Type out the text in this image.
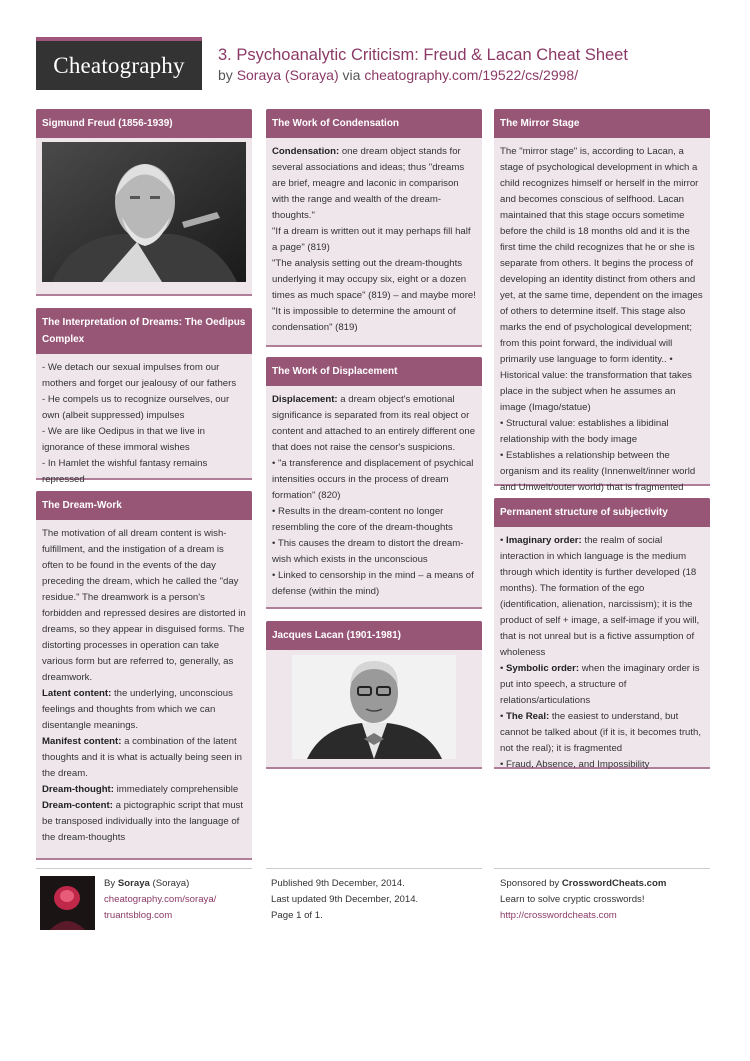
Cheatography 3. Psychoanalytic Criticism: Freud & Lacan Cheat Sheet
by Soraya (Soraya) via cheatography.com/19522/cs/2998/
Sigmund Freud (1856-1939)
The Interpretation of Dreams: The Oedipus Complex

- We detach our sexual impulses from our mothers and forget our jealousy of our fathers

- He compels us to recognize ourselves, our own (albeit suppressed) impulses

- We are like Oedipus in that we live in ignorance of these immoral wishes

- In Hamlet the wishful fantasy remains repressed

The Dream-Work

The motivation of all dream content is wish-fulfillment, and the instigation of a dream is often to be found in the events of the day preceding the dream, which he called the "day residue." The dreamwork is a person's forbidden and repressed desires are distorted in dreams, so they appear in disguised forms. The distorting processes in operation can take various form but are referred to, generally, as dreamwork.

Latent content: the underlying, unconscious feelings and thoughts from which we can disentangle meanings.

Manifest content: a combination of the latent thoughts and it is what is actually being seen in the dream.

Dream-thought: immediately comprehensible

Dream-content: a pictographic script that must be transposed individually into the language of the dream-thoughts

The Work of Condensation

Condensation: one dream object stands for several associations and ideas; thus "dreams are brief, meagre and laconic in comparison with the range and wealth of the dream-thoughts."

"If a dream is written out it may perhaps fill half a page" (819)

"The analysis setting out the dream-thoughts underlying it may occupy six, eight or a dozen times as much space" (819) – and maybe more!

"It is impossible to determine the amount of condensation" (819)

The Work of Displacement

Displacement: a dream object's emotional significance is separated from its real object or content and attached to an entirely different one that does not raise the censor's suspicions.

• "a transference and displacement of psychical intensities occurs in the process of dream formation" (820)

• Results in the dream-content no longer resembling the core of the dream-thoughts

• This causes the dream to distort the dream-wish which exists in the unconscious

• Linked to censorship in the mind – a means of defense (within the mind)

Jacques Lacan (1901-1981)
The Mirror Stage

The "mirror stage" is, according to Lacan, a stage of psychological development in which a child recognizes himself or herself in the mirror and becomes conscious of selfhood. Lacan maintained that this stage occurs sometime before the child is 18 months old and it is the first time the child recognizes that he or she is separate from others. It begins the process of developing an identity distinct from others and yet, at the same time, dependent on the images of others to determine itself. This stage also marks the end of psychological development; from this point forward, the individual will primarily use language to form identity.. • Historical value: the transformation that takes place in the subject when he assumes an image (Imago/statue)

• Structural value: establishes a libidinal relationship with the body image

• Establishes a relationship between the organism and its reality (Innenwelt/inner world and Umwelt/outer world) that is fragmented

Permanent structure of subjectivity

• Imaginary order: the realm of social interaction in which language is the medium through which identity is further developed (18 months). The formation of the ego (identification, alienation, narcissism); it is the product of self + image, a self-image if you will, that is not unreal but is a fictive assumption of wholeness

• Symbolic order: when the imaginary order is put into speech, a structure of relations/articulations

• The Real: the easiest to understand, but cannot be talked about (if it is, it becomes truth, not the real); it is fragmented

• Fraud, Absence, and Impossibility

By Soraya (Soraya)

cheatography.com/soraya/

truantsblog.com

Published 9th December, 2014.

Last updated 9th December, 2014.

Page 1 of 1.

Sponsored by CrosswordCheats.com

Learn to solve cryptic crosswords!

http://crosswordcheats.com
